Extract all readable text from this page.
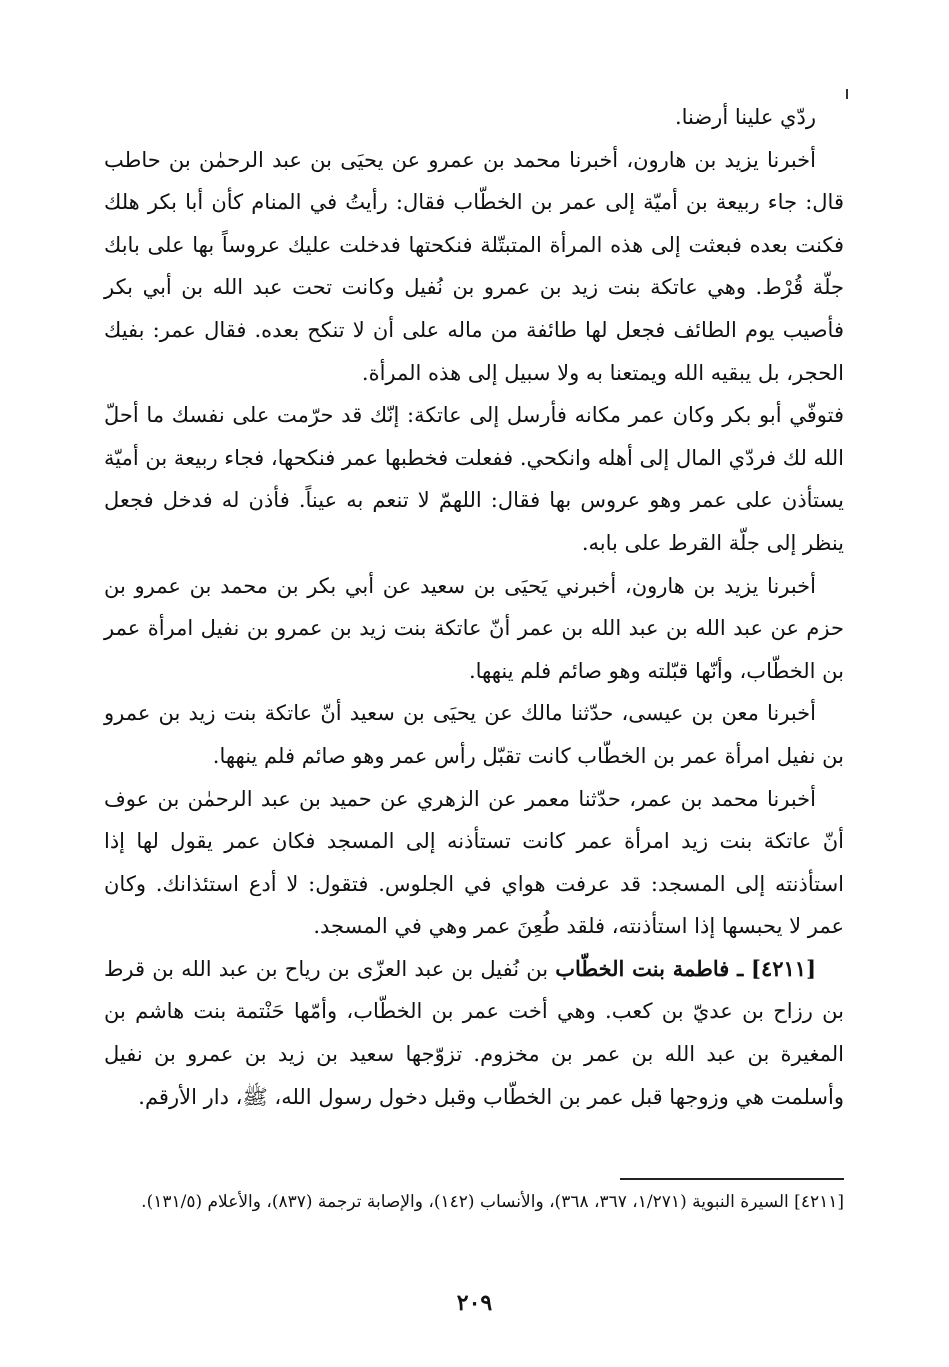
ردّي علينا أرضنا.

أخبرنا يزيد بن هارون، أخبرنا محمد بن عمرو عن يحيَى بن عبد الرحمٰن بن حاطب قال: جاء ربيعة بن أميّة إلى عمر بن الخطّاب فقال: رأيتُ في المنام كأن أبا بكر هلك فكنت بعده فبعثت إلى هذه المرأة المتبتّلة فنكحتها فدخلت عليك عروساً بها على بابك جلّة قُرْط. وهي عاتكة بنت زيد بن عمرو بن نُفيل وكانت تحت عبد الله بن أبي بكر فأصيب يوم الطائف فجعل لها طائفة من ماله على أن لا تنكح بعده. فقال عمر: بفيك الحجر، بل يبقيه الله ويمتعنا به ولا سبيل إلى هذه المرأة.

فتوفّي أبو بكر وكان عمر مكانه فأرسل إلى عاتكة: إنّك قد حرّمت على نفسك ما أحلّ الله لك فردّي المال إلى أهله وانكحي. ففعلت فخطبها عمر فنكحها، فجاء ربيعة بن أميّة يستأذن على عمر وهو عروس بها فقال: اللهمّ لا تنعم به عيناً. فأذن له فدخل فجعل ينظر إلى جلّة القرط على بابه.

أخبرنا يزيد بن هارون، أخبرني يَحيَى بن سعيد عن أبي بكر بن محمد بن عمرو بن حزم عن عبد الله بن عبد الله بن عمر أنّ عاتكة بنت زيد بن عمرو بن نفيل امرأة عمر بن الخطّاب، وأنّها قبّلته وهو صائم فلم ينهها.

أخبرنا معن بن عيسى، حدّثنا مالك عن يحيَى بن سعيد أنّ عاتكة بنت زيد بن عمرو بن نفيل امرأة عمر بن الخطّاب كانت تقبّل رأس عمر وهو صائم فلم ينهها.

أخبرنا محمد بن عمر، حدّثنا معمر عن الزهري عن حميد بن عبد الرحمٰن بن عوف أنّ عاتكة بنت زيد امرأة عمر كانت تستأذنه إلى المسجد فكان عمر يقول لها إذا استأذنته إلى المسجد: قد عرفت هواي في الجلوس. فتقول: لا أدع استئذانك. وكان عمر لا يحبسها إذا استأذنته، فلقد طُعِنَ عمر وهي في المسجد.

[٤٢١١] ـ فاطمة بنت الخطّاب بن نُفيل بن عبد العزّى بن رياح بن عبد الله بن قرط بن رزاح بن عديّ بن كعب. وهي أخت عمر بن الخطّاب، وأمّها حَنْتمة بنت هاشم بن المغيرة بن عبد الله بن عمر بن مخزوم. تزوّجها سعيد بن زيد بن عمرو بن نفيل وأسلمت هي وزوجها قبل عمر بن الخطّاب وقبل دخول رسول الله، ﷺ، دار الأرقم.

[٤٢١١] السيرة النبوية (١/٢٧١، ٣٦٧، ٣٦٨)، والأنساب (١٤٢)، والإصابة ترجمة (٨٣٧)، والأعلام (١٣١/٥).

٢٠٩
